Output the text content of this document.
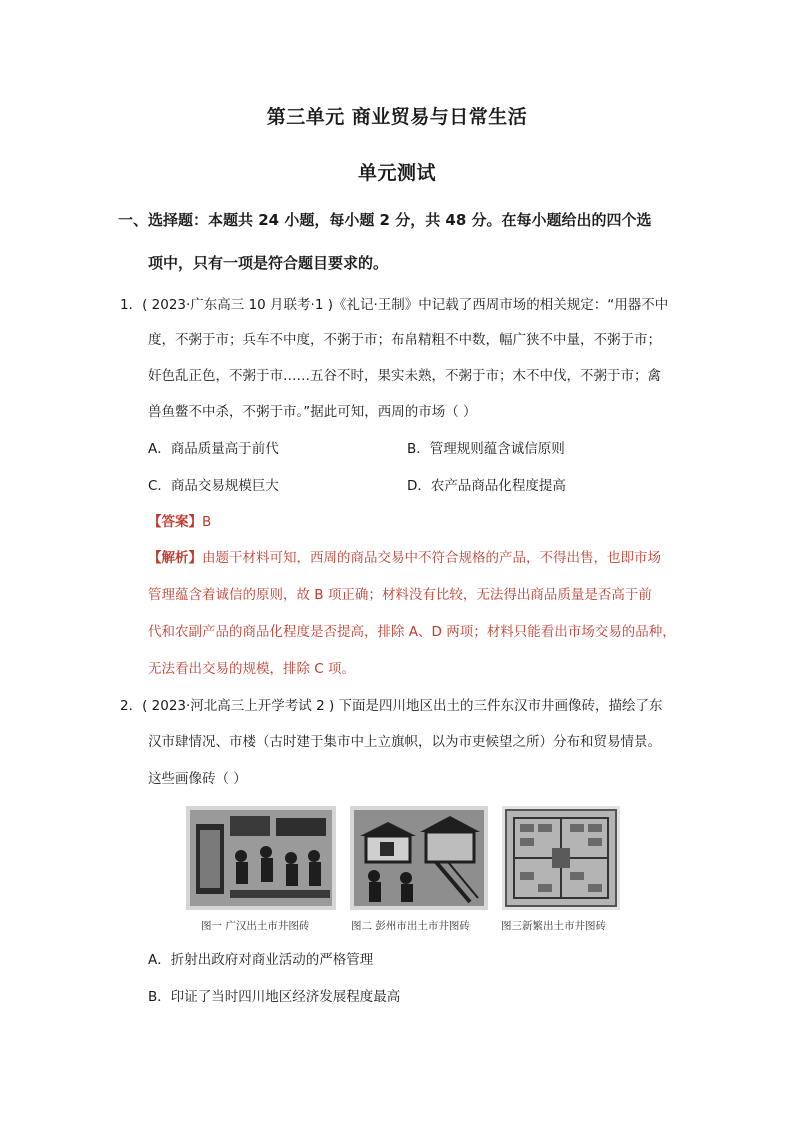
第三单元 商业贸易与日常生活
单元测试
一、选择题：本题共 24 小题，每小题 2 分，共 48 分。在每小题给出的四个选
项中，只有一项是符合题目要求的。
1．( 2023·广东高三 10 月联考·1 )《礼记·王制》中记载了西周市场的相关规定：“用器不中
度，不粥于市；兵车不中度，不粥于市；布帛精粗不中数，幅广狭不中量，不粥于市；
奸色乱正色，不粥于市……五谷不时，果实未熟，不粥于市；木不中伐，不粥于市；禽
兽鱼鳖不中杀，不粥于市。”据此可知，西周的市场（ ）
A．商品质量高于前代	B．管理规则蕴含诚信原则
C．商品交易规模巨大	D．农产品商品化程度提高
【答案】B
【解析】由题干材料可知，西周的商品交易中不符合规格的产品，不得出售，也即市场
管理蕴含着诚信的原则，故 B 项正确；材料没有比较，无法得出商品质量是否高于前
代和农副产品的商品化程度是否提高，排除 A、D 两项；材料只能看出市场交易的品种，
无法看出交易的规模，排除 C 项。
2．( 2023·河北高三上开学考试 2 ) 下面是四川地区出土的三件东汉市井画像砖，描绘了东
汉市肆情况、市楼（古时建于集市中上立旗帜，以为市吏候望之所）分布和贸易情景。
这些画像砖（ ）
图一 广汉出土市井图砖	图二 彭州市出土市井图砖	图三新繁出土市井图砖
A．折射出政府对商业活动的严格管理
B．印证了当时四川地区经济发展程度最高
